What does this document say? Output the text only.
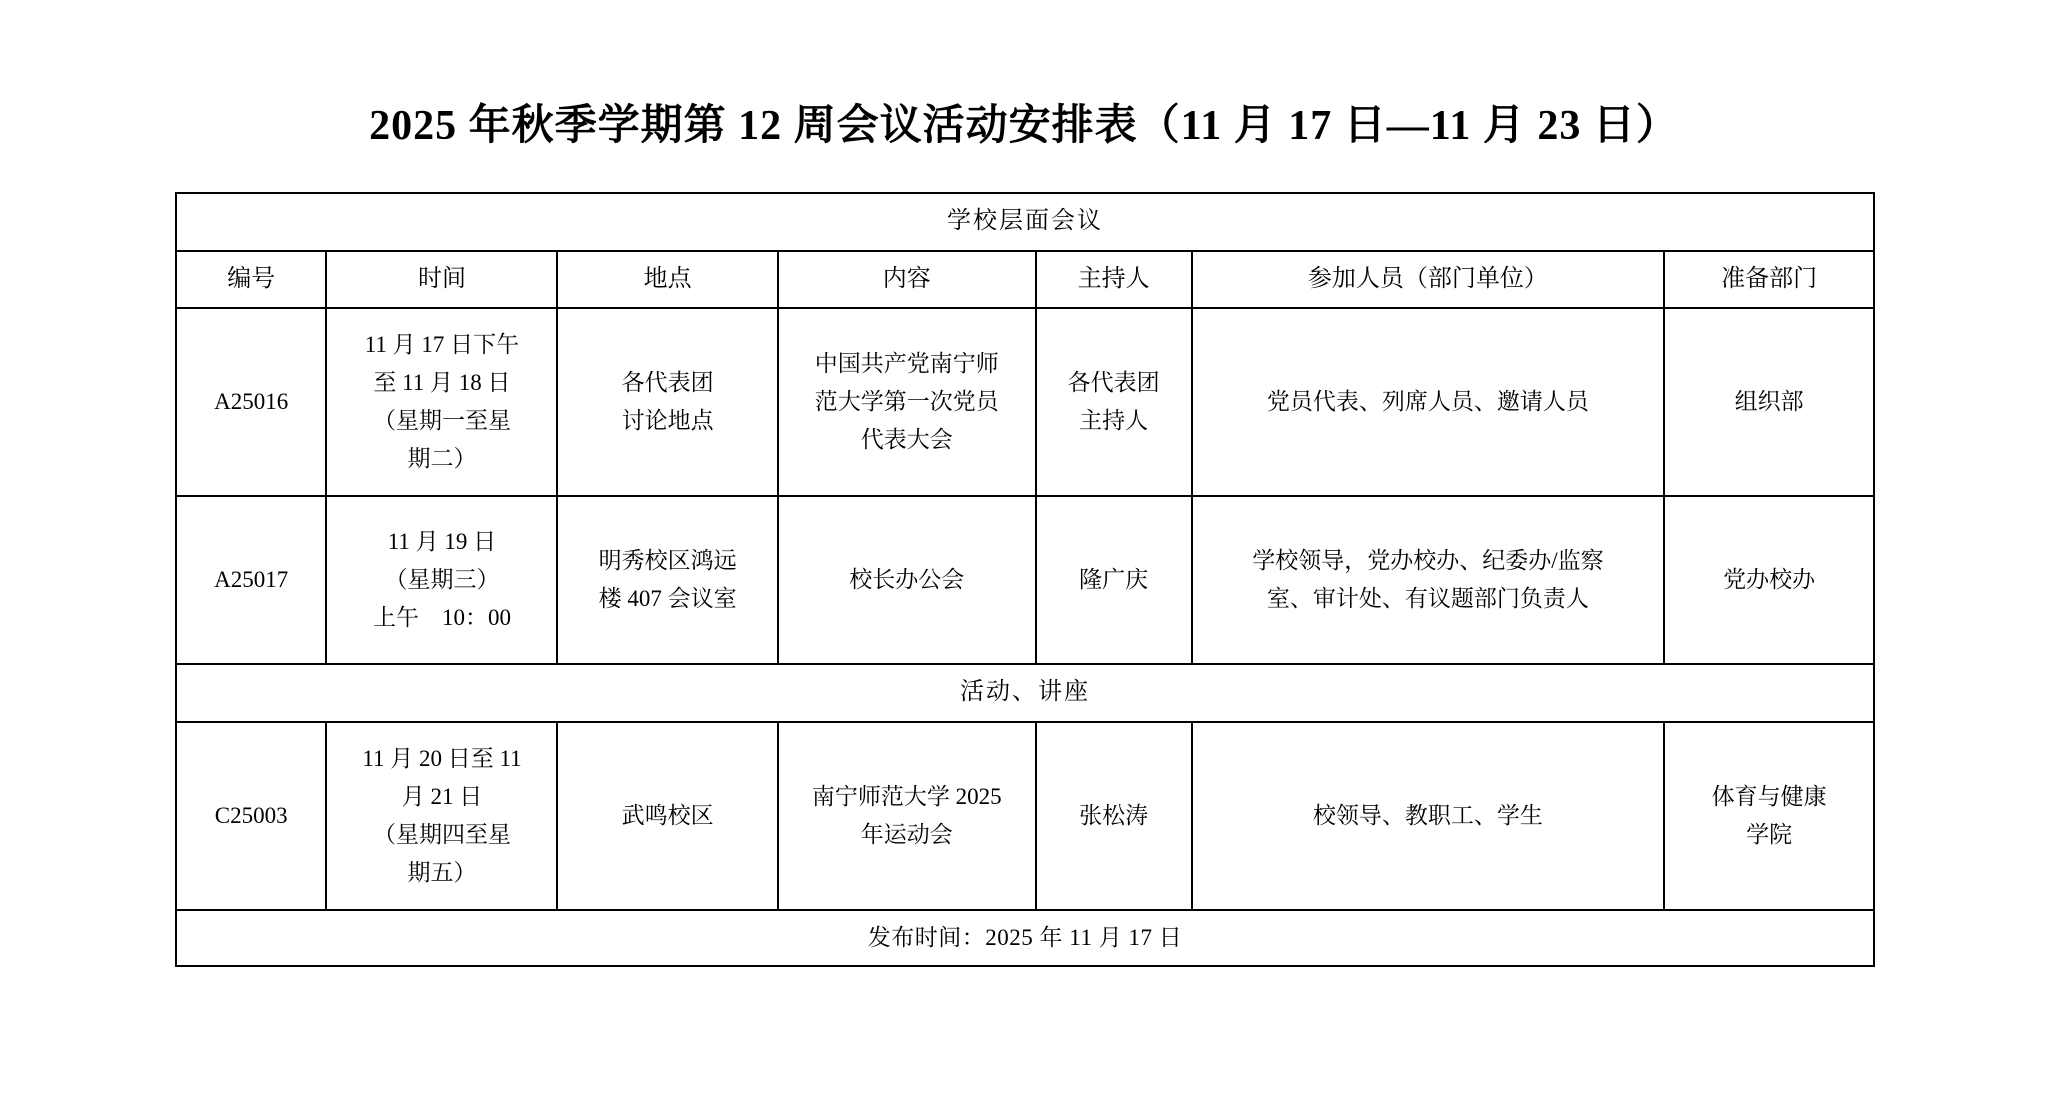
2025 年秋季学期第 12 周会议活动安排表（11 月 17 日—11 月 23 日）
学校层面会议						
编号	时间	地点	内容	主持人	参加人员（部门单位）	准备部门
A25016	11 月 17 日下午
至 11 月 18 日
（星期一至星
期二）	各代表团
讨论地点	中国共产党南宁师
范大学第一次党员
代表大会	各代表团
主持人	党员代表、列席人员、邀请人员	组织部

A25017	11 月 19 日
（星期三）
上午　10：00	明秀校区鸿远
楼 407 会议室	校长办公会	隆广庆	学校领导，党办校办、纪委办/监察
室、审计处、有议题部门负责人	党办校办

活动、讲座						
C25003	11 月 20 日至 11
月 21 日
（星期四至星
期五）	武鸣校区	南宁师范大学 2025
年运动会	张松涛	校领导、教职工、学生	体育与健康
学院

发布时间：2025 年 11 月 17 日						
